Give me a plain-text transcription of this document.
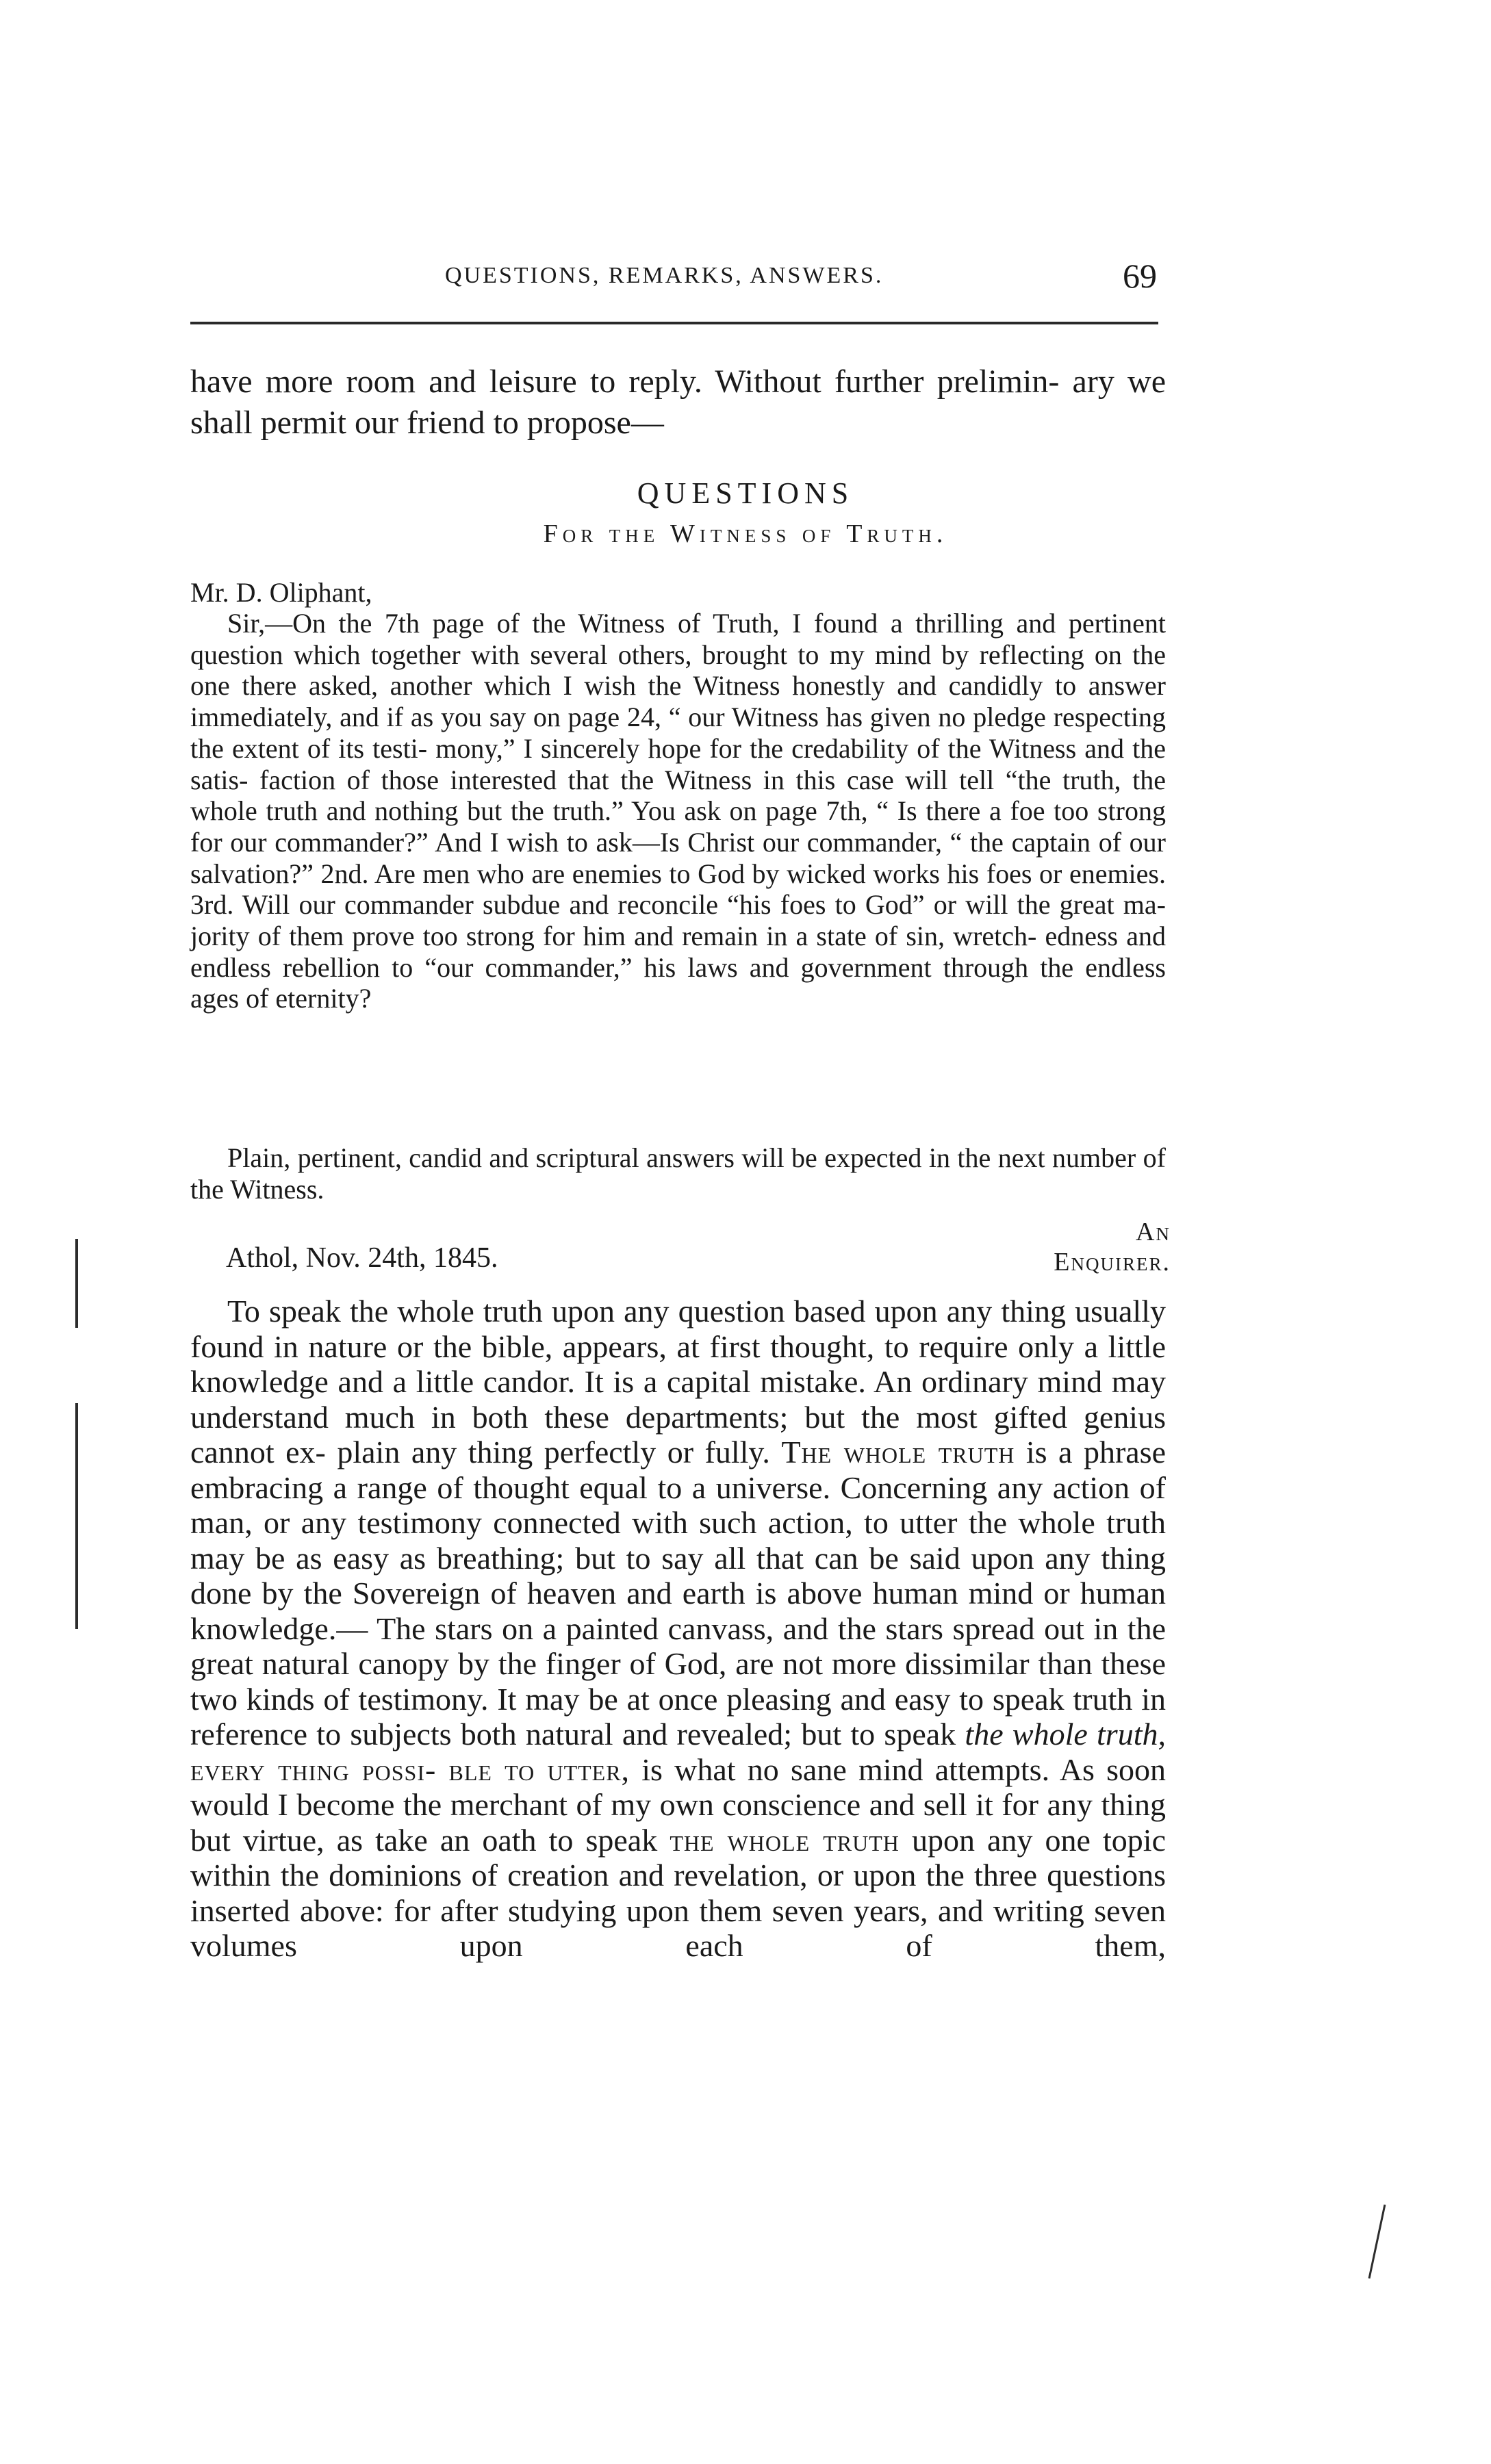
QUESTIONS, REMARKS, ANSWERS.	69
have more room and leisure to reply. Without further prelimin- ary we shall permit our friend to propose—
QUESTIONS
For the Witness of Truth.
Mr. D. Oliphant,
Sir,—On the 7th page of the Witness of Truth, I found a thrilling and pertinent question which together with several others, brought to my mind by reflecting on the one there asked, another which I wish the Witness honestly and candidly to answer immediately, and if as you say on page 24, “ our Witness has given no pledge respecting the extent of its testi- mony,” I sincerely hope for the credability of the Witness and the satis- faction of those interested that the Witness in this case will tell “the truth, the whole truth and nothing but the truth.” You ask on page 7th, “ Is there a foe too strong for our commander?” And I wish to ask—Is Christ our commander, “ the captain of our salvation?” 2nd. Are men who are enemies to God by wicked works his foes or enemies. 3rd. Will our commander subdue and reconcile “his foes to God” or will the great ma- jority of them prove too strong for him and remain in a state of sin, wretch- edness and endless rebellion to “our commander,” his laws and government through the endless ages of eternity?
Plain, pertinent, candid and scriptural answers will be expected in the next number of the Witness.
An Enquirer.
Athol, Nov. 24th, 1845.
To speak the whole truth upon any question based upon any thing usually found in nature or the bible, appears, at first thought, to require only a little knowledge and a little candor. It is a capital mistake. An ordinary mind may understand much in both these departments; but the most gifted genius cannot ex- plain any thing perfectly or fully. The whole truth is a phrase embracing a range of thought equal to a universe. Concerning any action of man, or any testimony connected with such action, to utter the whole truth may be as easy as breathing; but to say all that can be said upon any thing done by the Sovereign of heaven and earth is above human mind or human knowledge.— The stars on a painted canvass, and the stars spread out in the great natural canopy by the finger of God, are not more dissimilar than these two kinds of testimony. It may be at once pleasing and easy to speak truth in reference to subjects both natural and revealed; but to speak the whole truth, every thing possi- ble to utter, is what no sane mind attempts. As soon would I become the merchant of my own conscience and sell it for any thing but virtue, as take an oath to speak the whole truth upon any one topic within the dominions of creation and revelation, or upon the three questions inserted above: for after studying upon them seven years, and writing seven volumes upon each of them,
